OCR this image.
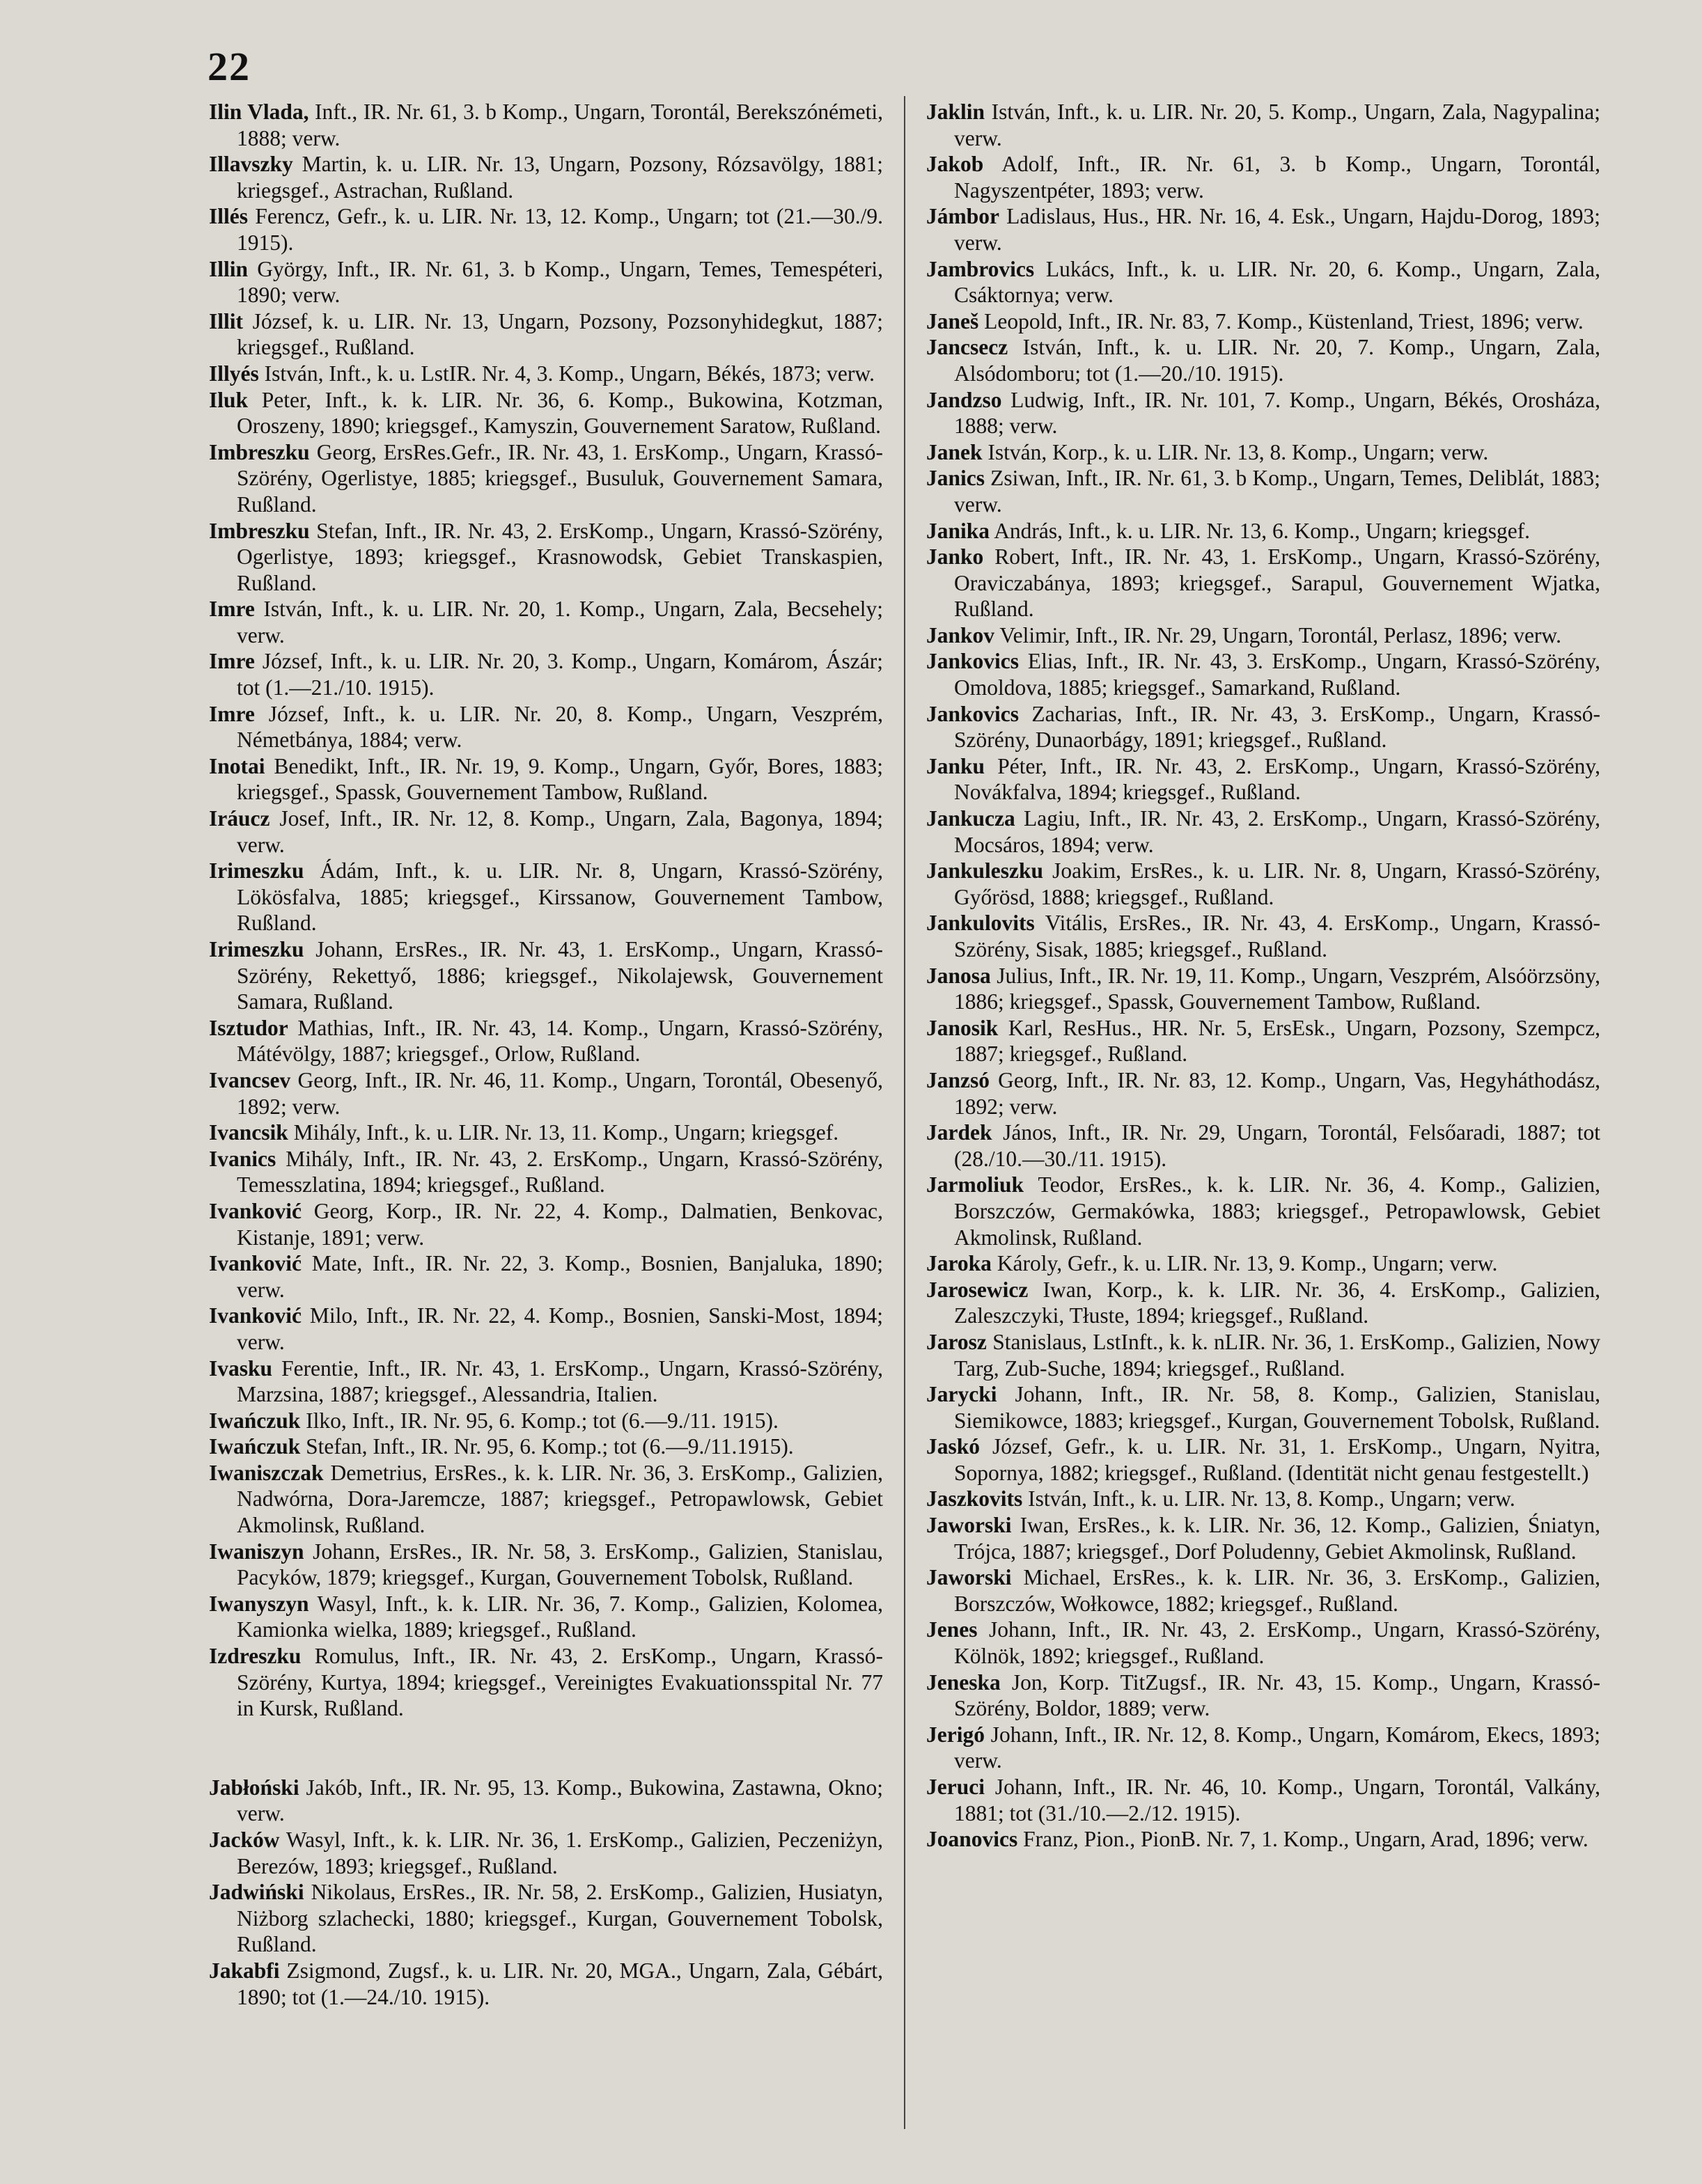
22

Ilin Vlada, Inft., IR. Nr. 61, 3. b Komp., Ungarn, Torontál, Berekszónémeti, 1888; verw.

Illavszky Martin, k. u. LIR. Nr. 13, Ungarn, Pozsony, Rózsavölgy, 1881; kriegsgef., Astrachan, Rußland.

Illés Ferencz, Gefr., k. u. LIR. Nr. 13, 12. Komp., Ungarn; tot (21.—30./9. 1915).

Illin György, Inft., IR. Nr. 61, 3. b Komp., Ungarn, Temes, Temespéteri, 1890; verw.

Illit József, k. u. LIR. Nr. 13, Ungarn, Pozsony, Pozsonyhidegkut, 1887; kriegsgef., Rußland.

Illyés István, Inft., k. u. LstIR. Nr. 4, 3. Komp., Ungarn, Békés, 1873; verw.

Iluk Peter, Inft., k. k. LIR. Nr. 36, 6. Komp., Bukowina, Kotzman, Oroszeny, 1890; kriegsgef., Kamyszin, Gouvernement Saratow, Rußland.

Imbreszku Georg, ErsRes.Gefr., IR. Nr. 43, 1. ErsKomp., Ungarn, Krassó-Szörény, Ogerlistye, 1885; kriegsgef., Busuluk, Gouvernement Samara, Rußland.

Imbreszku Stefan, Inft., IR. Nr. 43, 2. ErsKomp., Ungarn, Krassó-Szörény, Ogerlistye, 1893; kriegsgef., Krasnowodsk, Gebiet Transkaspien, Rußland.

Imre István, Inft., k. u. LIR. Nr. 20, 1. Komp., Ungarn, Zala, Becsehely; verw.

Imre József, Inft., k. u. LIR. Nr. 20, 3. Komp., Ungarn, Komárom, Ászár; tot (1.—21./10. 1915).

Imre József, Inft., k. u. LIR. Nr. 20, 8. Komp., Ungarn, Veszprém, Németbánya, 1884; verw.

Inotai Benedikt, Inft., IR. Nr. 19, 9. Komp., Ungarn, Győr, Bores, 1883; kriegsgef., Spassk, Gouvernement Tambow, Rußland.

Iráucz Josef, Inft., IR. Nr. 12, 8. Komp., Ungarn, Zala, Bagonya, 1894; verw.

Irimeszku Ádám, Inft., k. u. LIR. Nr. 8, Ungarn, Krassó-Szörény, Lökösfalva, 1885; kriegsgef., Kirssanow, Gouvernement Tambow, Rußland.

Irimeszku Johann, ErsRes., IR. Nr. 43, 1. ErsKomp., Ungarn, Krassó-Szörény, Rekettyő, 1886; kriegsgef., Nikolajewsk, Gouvernement Samara, Rußland.

Isztudor Mathias, Inft., IR. Nr. 43, 14. Komp., Ungarn, Krassó-Szörény, Mátévölgy, 1887; kriegsgef., Orlow, Rußland.

Ivancsev Georg, Inft., IR. Nr. 46, 11. Komp., Ungarn, Torontál, Obesenyő, 1892; verw.

Ivancsik Mihály, Inft., k. u. LIR. Nr. 13, 11. Komp., Ungarn; kriegsgef.

Ivanics Mihály, Inft., IR. Nr. 43, 2. ErsKomp., Ungarn, Krassó-Szörény, Temesszlatina, 1894; kriegsgef., Rußland.

Ivanković Georg, Korp., IR. Nr. 22, 4. Komp., Dalmatien, Benkovac, Kistanje, 1891; verw.

Ivanković Mate, Inft., IR. Nr. 22, 3. Komp., Bosnien, Banjaluka, 1890; verw.

Ivanković Milo, Inft., IR. Nr. 22, 4. Komp., Bosnien, Sanski-Most, 1894; verw.

Ivasku Ferentie, Inft., IR. Nr. 43, 1. ErsKomp., Ungarn, Krassó-Szörény, Marzsina, 1887; kriegsgef., Alessandria, Italien.

Iwańczuk Ilko, Inft., IR. Nr. 95, 6. Komp.; tot (6.—9./11. 1915).

Iwańczuk Stefan, Inft., IR. Nr. 95, 6. Komp.; tot (6.—9./11.1915).

Iwaniszczak Demetrius, ErsRes., k. k. LIR. Nr. 36, 3. ErsKomp., Galizien, Nadwórna, Dora-Jaremcze, 1887; kriegsgef., Petropawlowsk, Gebiet Akmolinsk, Rußland.

Iwaniszyn Johann, ErsRes., IR. Nr. 58, 3. ErsKomp., Galizien, Stanislau, Pacyków, 1879; kriegsgef., Kurgan, Gouvernement Tobolsk, Rußland.

Iwanyszyn Wasyl, Inft., k. k. LIR. Nr. 36, 7. Komp., Galizien, Kolomea, Kamionka wielka, 1889; kriegsgef., Rußland.

Izdreszku Romulus, Inft., IR. Nr. 43, 2. ErsKomp., Ungarn, Krassó-Szörény, Kurtya, 1894; kriegsgef., Vereinigtes Evakuationsspital Nr. 77 in Kursk, Rußland.

Jabłoński Jakób, Inft., IR. Nr. 95, 13. Komp., Bukowina, Zastawna, Okno; verw.

Jacków Wasyl, Inft., k. k. LIR. Nr. 36, 1. ErsKomp., Galizien, Peczeniżyn, Berezów, 1893; kriegsgef., Rußland.

Jadwiński Nikolaus, ErsRes., IR. Nr. 58, 2. ErsKomp., Galizien, Husiatyn, Niżborg szlachecki, 1880; kriegsgef., Kurgan, Gouvernement Tobolsk, Rußland.

Jakabfi Zsigmond, Zugsf., k. u. LIR. Nr. 20, MGA., Ungarn, Zala, Gébárt, 1890; tot (1.—24./10. 1915).

Jaklin István, Inft., k. u. LIR. Nr. 20, 5. Komp., Ungarn, Zala, Nagypalina; verw.

Jakob Adolf, Inft., IR. Nr. 61, 3. b Komp., Ungarn, Torontál, Nagyszentpéter, 1893; verw.

Jámbor Ladislaus, Hus., HR. Nr. 16, 4. Esk., Ungarn, Hajdu-Dorog, 1893; verw.

Jambrovics Lukács, Inft., k. u. LIR. Nr. 20, 6. Komp., Ungarn, Zala, Csáktornya; verw.

Janeš Leopold, Inft., IR. Nr. 83, 7. Komp., Küstenland, Triest, 1896; verw.

Jancsecz István, Inft., k. u. LIR. Nr. 20, 7. Komp., Ungarn, Zala, Alsódomboru; tot (1.—20./10. 1915).

Jandzso Ludwig, Inft., IR. Nr. 101, 7. Komp., Ungarn, Békés, Orosháza, 1888; verw.

Janek István, Korp., k. u. LIR. Nr. 13, 8. Komp., Ungarn; verw.

Janics Zsiwan, Inft., IR. Nr. 61, 3. b Komp., Ungarn, Temes, Deliblát, 1883; verw.

Janika András, Inft., k. u. LIR. Nr. 13, 6. Komp., Ungarn; kriegsgef.

Janko Robert, Inft., IR. Nr. 43, 1. ErsKomp., Ungarn, Krassó-Szörény, Oraviczabánya, 1893; kriegsgef., Sarapul, Gouvernement Wjatka, Rußland.

Jankov Velimir, Inft., IR. Nr. 29, Ungarn, Torontál, Perlasz, 1896; verw.

Jankovics Elias, Inft., IR. Nr. 43, 3. ErsKomp., Ungarn, Krassó-Szörény, Omoldova, 1885; kriegsgef., Samarkand, Rußland.

Jankovics Zacharias, Inft., IR. Nr. 43, 3. ErsKomp., Ungarn, Krassó-Szörény, Dunaorbágy, 1891; kriegsgef., Rußland.

Janku Péter, Inft., IR. Nr. 43, 2. ErsKomp., Ungarn, Krassó-Szörény, Novákfalva, 1894; kriegsgef., Rußland.

Jankucza Lagiu, Inft., IR. Nr. 43, 2. ErsKomp., Ungarn, Krassó-Szörény, Mocsáros, 1894; verw.

Jankuleszku Joakim, ErsRes., k. u. LIR. Nr. 8, Ungarn, Krassó-Szörény, Győrösd, 1888; kriegsgef., Rußland.

Jankulovits Vitális, ErsRes., IR. Nr. 43, 4. ErsKomp., Ungarn, Krassó-Szörény, Sisak, 1885; kriegsgef., Rußland.

Janosa Julius, Inft., IR. Nr. 19, 11. Komp., Ungarn, Veszprém, Alsóörzsöny, 1886; kriegsgef., Spassk, Gouvernement Tambow, Rußland.

Janosik Karl, ResHus., HR. Nr. 5, ErsEsk., Ungarn, Pozsony, Szempcz, 1887; kriegsgef., Rußland.

Janzsó Georg, Inft., IR. Nr. 83, 12. Komp., Ungarn, Vas, Hegyháthodász, 1892; verw.

Jardek János, Inft., IR. Nr. 29, Ungarn, Torontál, Felsőaradi, 1887; tot (28./10.—30./11. 1915).

Jarmoliuk Teodor, ErsRes., k. k. LIR. Nr. 36, 4. Komp., Galizien, Borszczów, Germakówka, 1883; kriegsgef., Petropawlowsk, Gebiet Akmolinsk, Rußland.

Jaroka Károly, Gefr., k. u. LIR. Nr. 13, 9. Komp., Ungarn; verw.

Jarosewicz Iwan, Korp., k. k. LIR. Nr. 36, 4. ErsKomp., Galizien, Zaleszczyki, Tłuste, 1894; kriegsgef., Rußland.

Jarosz Stanislaus, LstInft., k. k. nLIR. Nr. 36, 1. ErsKomp., Galizien, Nowy Targ, Zub-Suche, 1894; kriegsgef., Rußland.

Jarycki Johann, Inft., IR. Nr. 58, 8. Komp., Galizien, Stanislau, Siemikowce, 1883; kriegsgef., Kurgan, Gouvernement Tobolsk, Rußland.

Jaskó József, Gefr., k. u. LIR. Nr. 31, 1. ErsKomp., Ungarn, Nyitra, Sopornya, 1882; kriegsgef., Rußland. (Identität nicht genau festgestellt.)

Jaszkovits István, Inft., k. u. LIR. Nr. 13, 8. Komp., Ungarn; verw.

Jaworski Iwan, ErsRes., k. k. LIR. Nr. 36, 12. Komp., Galizien, Śniatyn, Trójca, 1887; kriegsgef., Dorf Poludenny, Gebiet Akmolinsk, Rußland.

Jaworski Michael, ErsRes., k. k. LIR. Nr. 36, 3. ErsKomp., Galizien, Borszczów, Wołkowce, 1882; kriegsgef., Rußland.

Jenes Johann, Inft., IR. Nr. 43, 2. ErsKomp., Ungarn, Krassó-Szörény, Kölnök, 1892; kriegsgef., Rußland.

Jeneska Jon, Korp. TitZugsf., IR. Nr. 43, 15. Komp., Ungarn, Krassó-Szörény, Boldor, 1889; verw.

Jerigó Johann, Inft., IR. Nr. 12, 8. Komp., Ungarn, Komárom, Ekecs, 1893; verw.

Jeruci Johann, Inft., IR. Nr. 46, 10. Komp., Ungarn, Torontál, Valkány, 1881; tot (31./10.—2./12. 1915).

Joanovics Franz, Pion., PionB. Nr. 7, 1. Komp., Ungarn, Arad, 1896; verw.
